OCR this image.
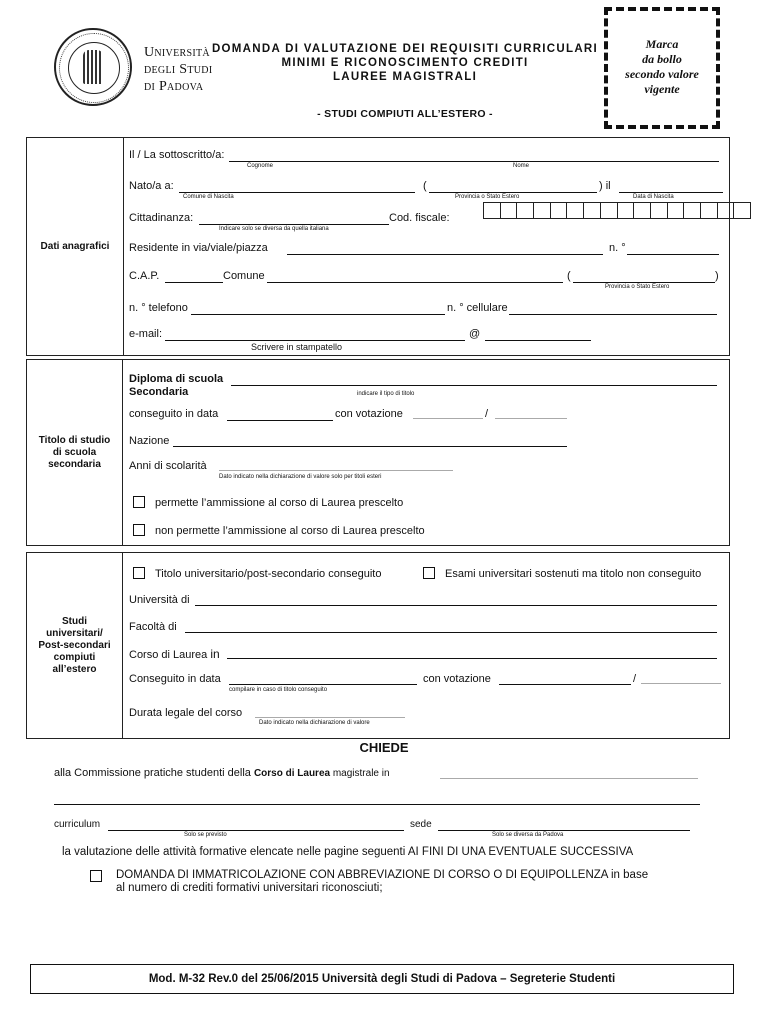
Università
degli Studi
di Padova
DOMANDA DI VALUTAZIONE DEI REQUISITI CURRICULARI
MINIMI E RICONOSCIMENTO CREDITI
LAUREE MAGISTRALI
- STUDI COMPIUTI ALL’ESTERO -
Marca
da bollo
secondo valore
vigente
Dati anagrafici
Il / La sottoscritto/a:
Cognome	Nome
Nato/a a:	(	) il
Comune di Nascita	Provincia o Stato Estero	Data di Nascita
Cittadinanza:	Cod. fiscale:
Indicare solo se diversa da quella italiana
Residente in via/viale/piazza	n. °
C.A.P.	Comune	(	)
Provincia o Stato Estero
n. ° telefono	n. ° cellulare
e-mail:	@
Scrivere in stampatello
Titolo di studio di scuola secondaria
Diploma di scuola
Secondaria	indicare il tipo di titolo
conseguito in data	con votazione	/
Nazione
Anni di scolarità
Dato indicato nella dichiarazione di valore solo per titoli esteri
permette l’ammissione al corso di Laurea prescelto
non permette l’ammissione al corso di Laurea prescelto
Studi universitari/ Post-secondari compiuti all’estero
Titolo universitario/post-secondario conseguito	Esami universitari sostenuti ma titolo non conseguito
Università di
Facoltà di
Corso di Laurea in
Conseguito in data
compilare in caso di titolo conseguito
con votazione	/
Durata legale del corso
Dato indicato nella dichiarazione di valore
CHIEDE
alla Commissione pratiche studenti della Corso di Laurea magistrale in
curriculum
Solo se previsto
sede
Solo se diversa da Padova
la valutazione delle attività formative elencate nelle pagine seguenti AI FINI DI UNA EVENTUALE SUCCESSIVA
DOMANDA DI IMMATRICOLAZIONE CON ABBREVIAZIONE DI CORSO O DI EQUIPOLLENZA in base
al numero di crediti formativi universitari riconosciuti;
Mod. M-32 Rev.0 del 25/06/2015 Università degli Studi di Padova – Segreterie Studenti
